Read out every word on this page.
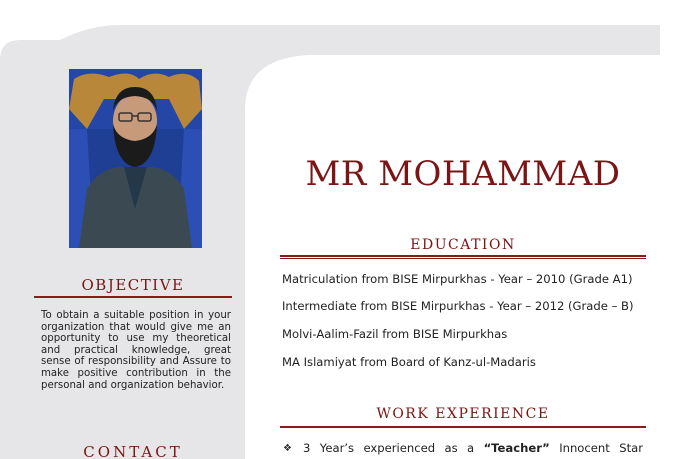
OBJECTIVE
To obtain a suitable position in your
organization that would give me an
opportunity to use my theoretical
and practical knowledge, great
sense of responsibility and Assure to
make positive contribution in the
personal and organization behavior.
CONTACT
MR MOHAMMAD
EDUCATION
Matriculation from BISE Mirpurkhas - Year – 2010 (Grade A1)
Intermediate from BISE Mirpurkhas - Year – 2012 (Grade – B)
Molvi-Aalim-Fazil from BISE Mirpurkhas
MA Islamiyat from Board of Kanz-ul-Madaris
WORK EXPERIENCE
❖ 3 Year’s experienced as a “Teacher” Innocent Star
